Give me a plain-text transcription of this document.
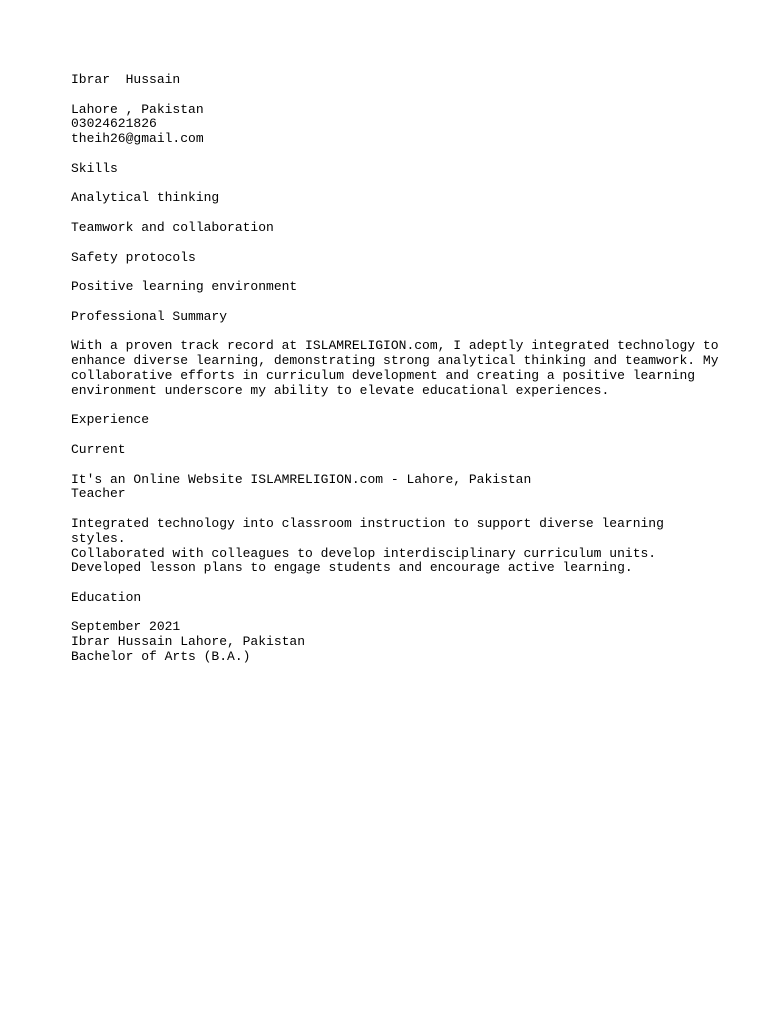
Ibrar  Hussain
Lahore , Pakistan
03024621826
theih26@gmail.com
Skills
Analytical thinking
Teamwork and collaboration
Safety protocols
Positive learning environment
Professional Summary
With a proven track record at ISLAMRELIGION.com, I adeptly integrated technology to
enhance diverse learning, demonstrating strong analytical thinking and teamwork. My
collaborative efforts in curriculum development and creating a positive learning
environment underscore my ability to elevate educational experiences.
Experience
Current
It's an Online Website ISLAMRELIGION.com - Lahore, Pakistan
Teacher
Integrated technology into classroom instruction to support diverse learning
styles.
Collaborated with colleagues to develop interdisciplinary curriculum units.
Developed lesson plans to engage students and encourage active learning.
Education
September 2021
Ibrar Hussain Lahore, Pakistan
Bachelor of Arts (B.A.)
